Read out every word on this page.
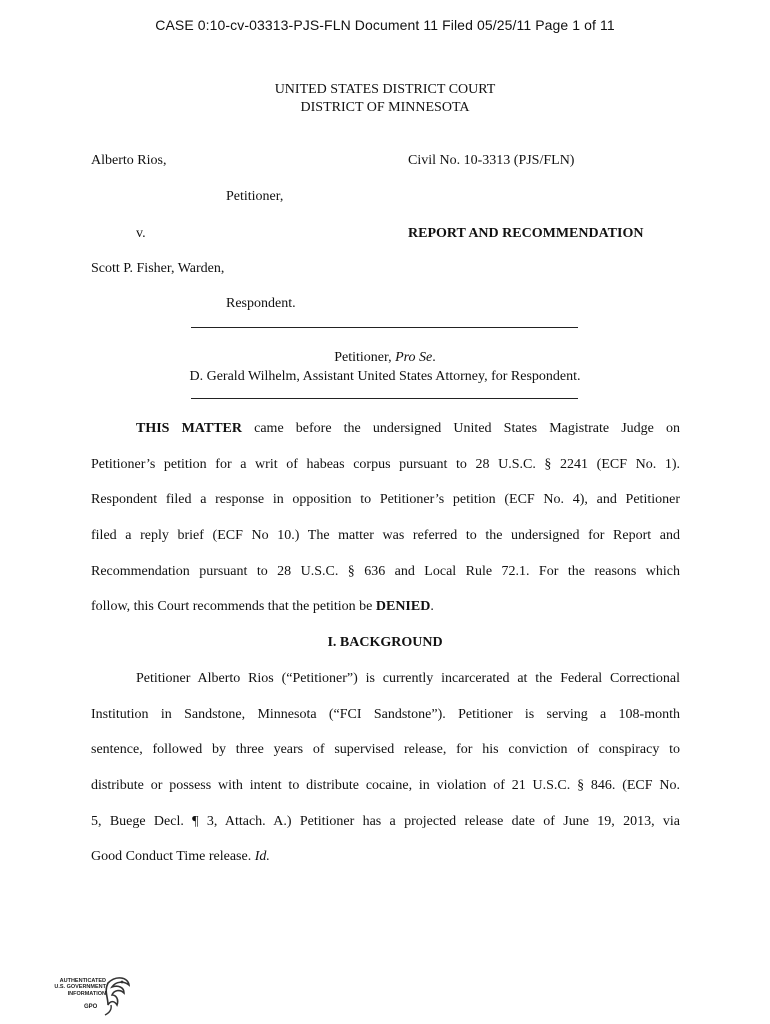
CASE 0:10-cv-03313-PJS-FLN Document 11 Filed 05/25/11 Page 1 of 11
UNITED STATES DISTRICT COURT
DISTRICT OF MINNESOTA
Alberto Rios,	Civil No. 10-3313 (PJS/FLN)
Petitioner,
v.	REPORT AND RECOMMENDATION
Scott P. Fisher, Warden,
Respondent.
Petitioner, Pro Se.
D. Gerald Wilhelm, Assistant United States Attorney, for Respondent.
THIS MATTER came before the undersigned United States Magistrate Judge on
Petitioner’s petition for a writ of habeas corpus pursuant to 28 U.S.C. § 2241 (ECF No. 1).
Respondent filed a response in opposition to Petitioner’s petition (ECF No. 4), and Petitioner
filed a reply brief (ECF No 10.) The matter was referred to the undersigned for Report and
Recommendation pursuant to 28 U.S.C. § 636 and Local Rule 72.1. For the reasons which
follow, this Court recommends that the petition be DENIED.
I. BACKGROUND
Petitioner Alberto Rios (“Petitioner”) is currently incarcerated at the Federal Correctional
Institution in Sandstone, Minnesota (“FCI Sandstone”). Petitioner is serving a 108-month
sentence, followed by three years of supervised release, for his conviction of conspiracy to
distribute or possess with intent to distribute cocaine, in violation of 21 U.S.C. § 846. (ECF No.
5, Buege Decl. ¶ 3, Attach. A.) Petitioner has a projected release date of June 19, 2013, via
Good Conduct Time release. Id.
AUTHENTICATED
U.S. GOVERNMENT
INFORMATION
GPO
